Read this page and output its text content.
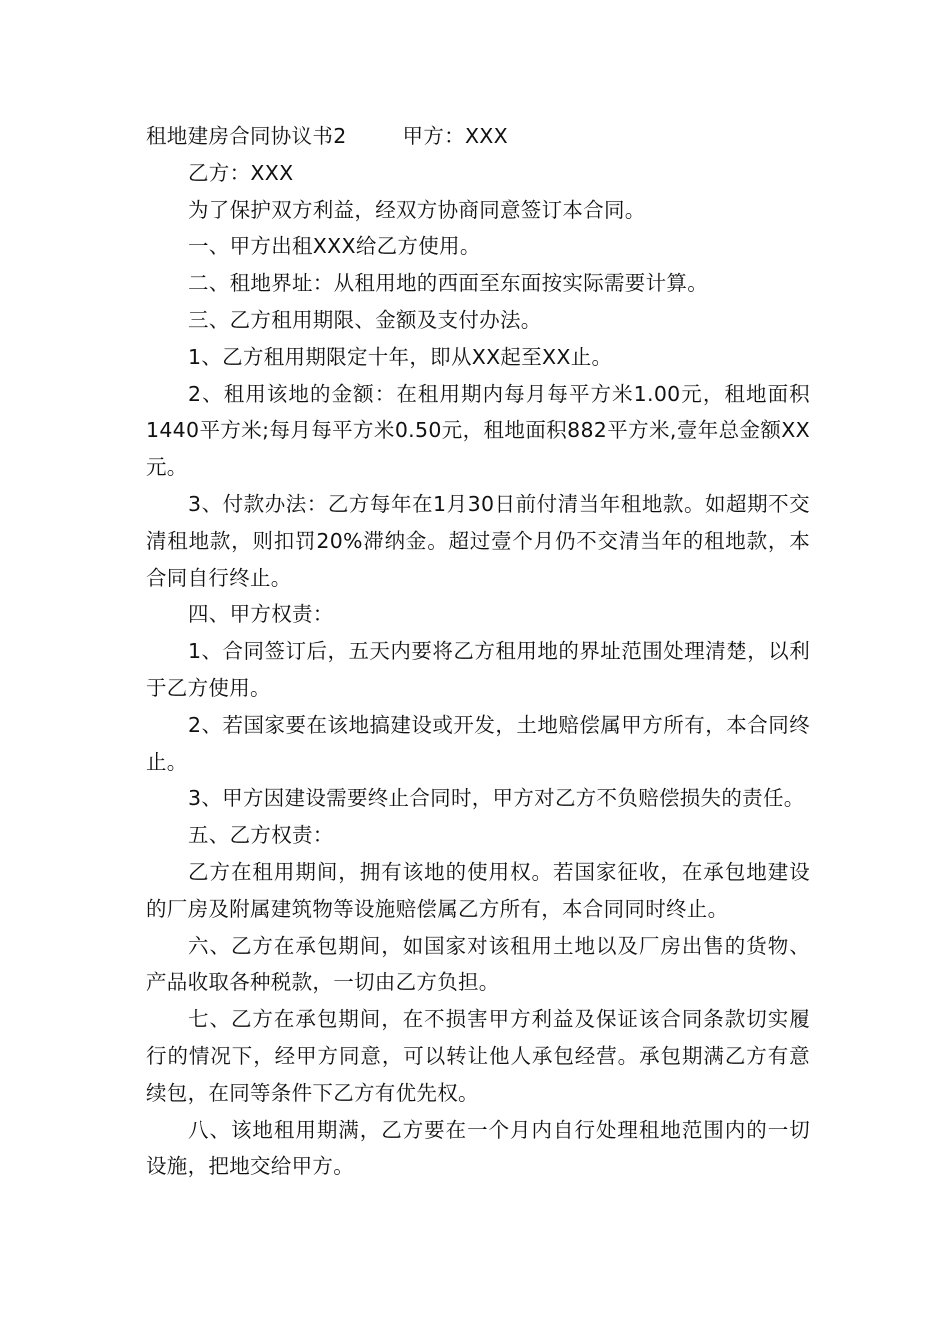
租地建房合同协议书2	甲方：XXX

乙方：XXX

为了保护双方利益，经双方协商同意签订本合同。

一、甲方出租XXX给乙方使用。

二、租地界址：从租用地的西面至东面按实际需要计算。

三、乙方租用期限、金额及支付办法。

1、乙方租用期限定十年，即从XX起至XX止。

2、租用该地的金额：在租用期内每月每平方米1.00元，租地面积1440平方米;每月每平方米0.50元，租地面积882平方米,壹年总金额XX元。

3、付款办法：乙方每年在1月30日前付清当年租地款。如超期不交清租地款，则扣罚20%滞纳金。超过壹个月仍不交清当年的租地款，本合同自行终止。

四、甲方权责：

1、合同签订后，五天内要将乙方租用地的界址范围处理清楚，以利于乙方使用。

2、若国家要在该地搞建设或开发，土地赔偿属甲方所有，本合同终止。

3、甲方因建设需要终止合同时，甲方对乙方不负赔偿损失的责任。

五、乙方权责：

乙方在租用期间，拥有该地的使用权。若国家征收，在承包地建设的厂房及附属建筑物等设施赔偿属乙方所有，本合同同时终止。

六、乙方在承包期间，如国家对该租用土地以及厂房出售的货物、产品收取各种税款，一切由乙方负担。

七、乙方在承包期间，在不损害甲方利益及保证该合同条款切实履行的情况下，经甲方同意，可以转让他人承包经营。承包期满乙方有意续包，在同等条件下乙方有优先权。

八、该地租用期满，乙方要在一个月内自行处理租地范围内的一切设施，把地交给甲方。
